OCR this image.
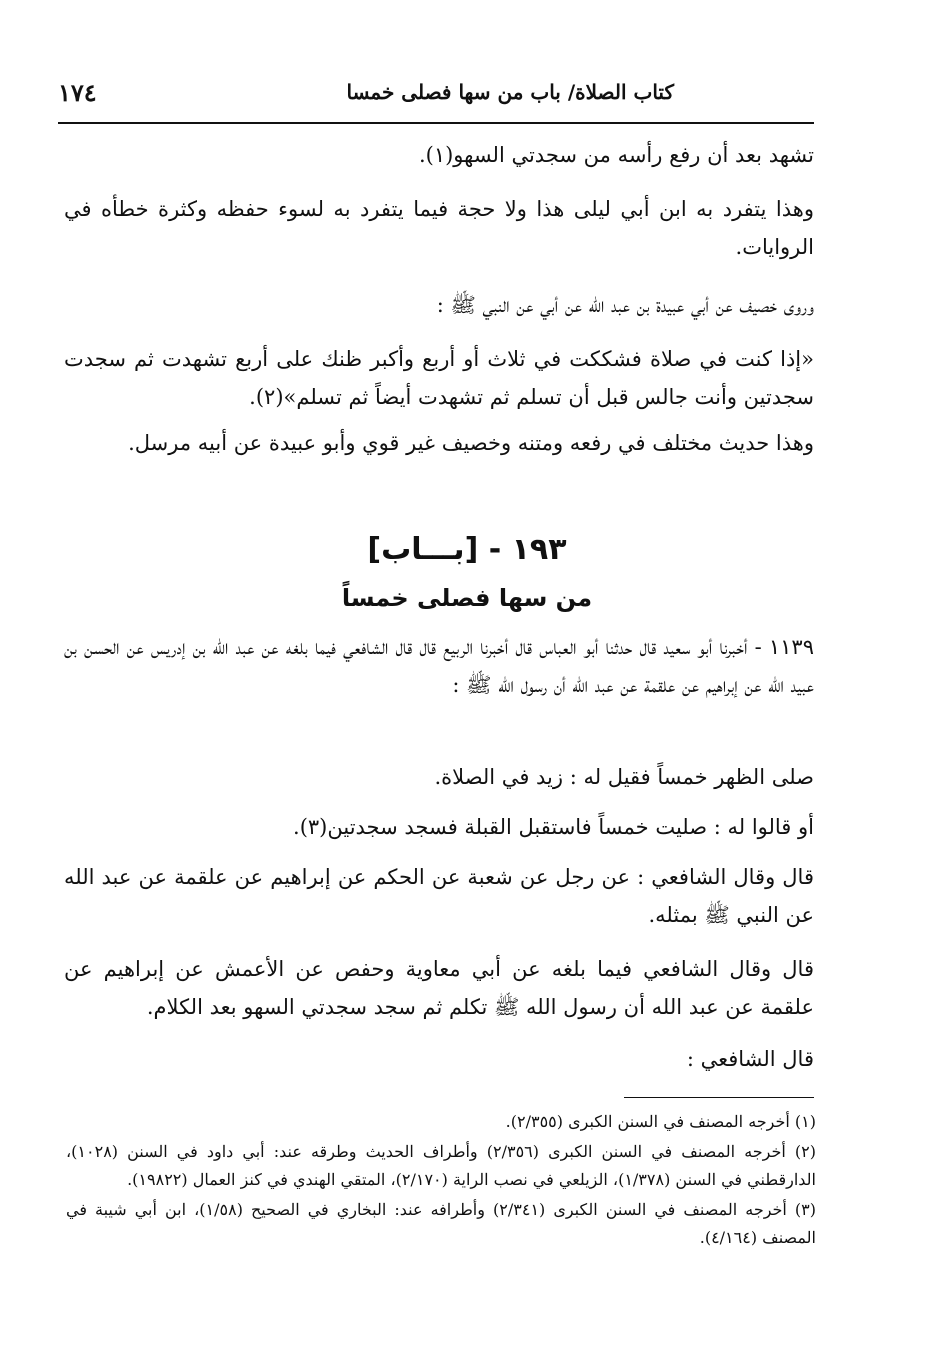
كتاب الصلاة/ باب من سها فصلى خمسا
١٧٤

تشهد بعد أن رفع رأسه من سجدتي السهو(١).

وهذا يتفرد به ابن أبي ليلى هذا ولا حجة فيما يتفرد به لسوء حفظه وكثرة خطأه في الروايات.

وروى خصيف عن أبي عبيدة بن عبد الله عن أبي عن النبي ﷺ :

«إذا كنت في صلاة فشككت في ثلاث أو أربع وأكبر ظنك على أربع تشهدت ثم سجدت سجدتين وأنت جالس قبل أن تسلم ثم تشهدت أيضاً ثم تسلم»(٢).

وهذا حديث مختلف في رفعه ومتنه وخصيف غير قوي وأبو عبيدة عن أبيه مرسل.

١٩٣ - [بـــاب]
من سها فصلى خمساً

١١٣٩ - أخبرنا أبو سعيد قال حدثنا أبو العباس قال أخبرنا الربيع قال قال الشافعي فيما بلغه عن عبد الله بن إدريس عن الحسن بن عبيد الله عن إبراهيم عن علقمة عن عبد الله أن رسول الله ﷺ :

صلى الظهر خمساً فقيل له : زيد في الصلاة.

أو قالوا له : صليت خمساً فاستقبل القبلة فسجد سجدتين(٣).

قال وقال الشافعي : عن رجل عن شعبة عن الحكم عن إبراهيم عن علقمة عن عبد الله عن النبي ﷺ بمثله.

قال وقال الشافعي فيما بلغه عن أبي معاوية وحفص عن الأعمش عن إبراهيم عن علقمة عن عبد الله أن رسول الله ﷺ تكلم ثم سجد سجدتي السهو بعد الكلام.

قال الشافعي :

(١) أخرجه المصنف في السنن الكبرى (٢/٣٥٥).
(٢) أخرجه المصنف في السنن الكبرى (٢/٣٥٦) وأطراف الحديث وطرقه عند: أبي داود في السنن (١٠٢٨)، الدارقطني في السنن (١/٣٧٨)، الزيلعي في نصب الراية (٢/١٧٠)، المتقي الهندي في كنز العمال (١٩٨٢٢).
(٣) أخرجه المصنف في السنن الكبرى (٢/٣٤١) وأطرافه عند: البخاري في الصحيح (١/٥٨)، ابن أبي شيبة في المصنف (٤/١٦٤).
